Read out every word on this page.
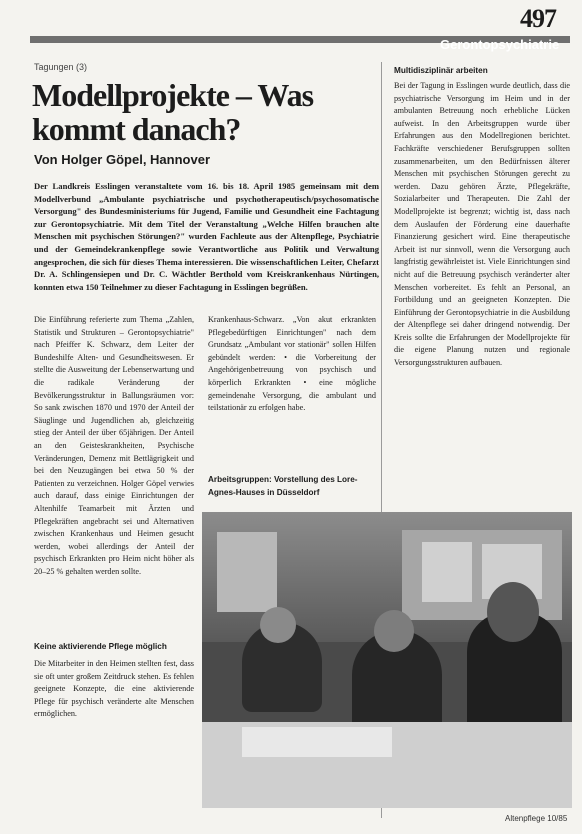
497
Gerontopsychiatrie
Tagungen (3)
Modellprojekte – Was kommt danach?
Von Holger Göpel, Hannover
Der Landkreis Esslingen veranstaltete vom 16. bis 18. April 1985 gemeinsam mit dem Modellverbund „Ambulante psychiatrische und psychotherapeutisch/psychosomatische Versorgung" des Bundesministeriums für Jugend, Familie und Gesundheit eine Fachtagung zur Gerontopsychiatrie. Mit dem Titel der Veranstaltung „Welche Hilfen brauchen alte Menschen mit psychischen Störungen?" wurden Fachleute aus der Altenpflege, Psychiatrie und der Gemeindekrankenpflege sowie Verantwortliche aus Politik und Verwaltung angesprochen, die sich für dieses Thema interessieren. Die wissenschaftlichen Leiter, Chefarzt Dr. A. Schlingensiepen und Dr. C. Wächtler Berthold vom Kreiskrankenhaus Nürtingen, konnten etwa 150 Teilnehmer zu dieser Fachtagung in Esslingen begrüßen.
Die Einführung referierte zum Thema „Zahlen, Statistik und Strukturen – Gerontopsychiatrie" nach Pfeiffer K. Schwarz, dem Leiter der Bundeshilfe Alten- und Gesundheitswesen. Er stellte die Ausweitung der Lebenserwartung und die radikale Veränderung der Bevölkerungsstruktur in Ballungsräumen vor: So sank zwischen 1870 und 1970 der Anteil der Säuglinge und Jugendlichen ab, gleichzeitig stieg der Anteil der über 65jährigen. Der Anteil an den Geisteskrankheiten, Psychische Veränderungen, Demenz mit Bettlägrigkeit und bei den Neuzugängen bei etwa 50 % der Patienten zu verzeichnen. Holger Göpel verwies auch darauf, dass einige Einrichtungen der Altenhilfe Teamarbeit mit Ärzten und Pflegekräften angebracht sei und Alternativen zwischen Krankenhaus und Heimen gesucht werden, wobei allerdings der Anteil der psychisch Erkrankten pro Heim nicht höher als 20–25 % gehalten werden sollte.
Krankenhaus-Schwarz. „Von akut erkrankten Pflegebedürftigen Einrichtungen" nach dem Grundsatz „Ambulant vor stationär" sollen Hilfen gebündelt werden: • die Vorbereitung der Angehörigenbetreuung von psychisch und körperlich Erkrankten • eine mögliche gemeindenahe Versorgung, die ambulant und teilstationär zu erfolgen habe.
Arbeitsgruppen: Vorstellung des Lore-Agnes-Hauses in Düsseldorf
Keine aktivierende Pflege möglich
Die Mitarbeiter in den Heimen stellten fest, dass sie oft unter großem Zeitdruck stehen. Es fehlen geeignete Konzepte, die eine aktivierende Pflege für psychisch veränderte alte Menschen ermöglichen.
Multidisziplinär arbeiten
Bei der Tagung in Esslingen wurde deutlich, dass die psychiatrische Versorgung im Heim und in der ambulanten Betreuung noch erhebliche Lücken aufweist. In den Arbeitsgruppen wurde über Erfahrungen aus den Modellregionen berichtet. Fachkräfte verschiedener Berufsgruppen sollten zusammenarbeiten, um den Bedürfnissen älterer Menschen mit psychischen Störungen gerecht zu werden. Dazu gehören Ärzte, Pflegekräfte, Sozialarbeiter und Therapeuten. Die Zahl der Modellprojekte ist begrenzt; wichtig ist, dass nach dem Auslaufen der Förderung eine dauerhafte Finanzierung gesichert wird. Eine therapeutische Arbeit ist nur sinnvoll, wenn die Versorgung auch langfristig gewährleistet ist. Viele Einrichtungen sind nicht auf die Betreuung psychisch veränderter alter Menschen vorbereitet. Es fehlt an Personal, an Fortbildung und an geeigneten Konzepten. Die Einführung der Gerontopsychiatrie in die Ausbildung der Altenpflege sei daher dringend notwendig. Der Kreis sollte die Erfahrungen der Modellprojekte für die eigene Planung nutzen und regionale Versorgungsstrukturen aufbauen.
Altenpflege 10/85
